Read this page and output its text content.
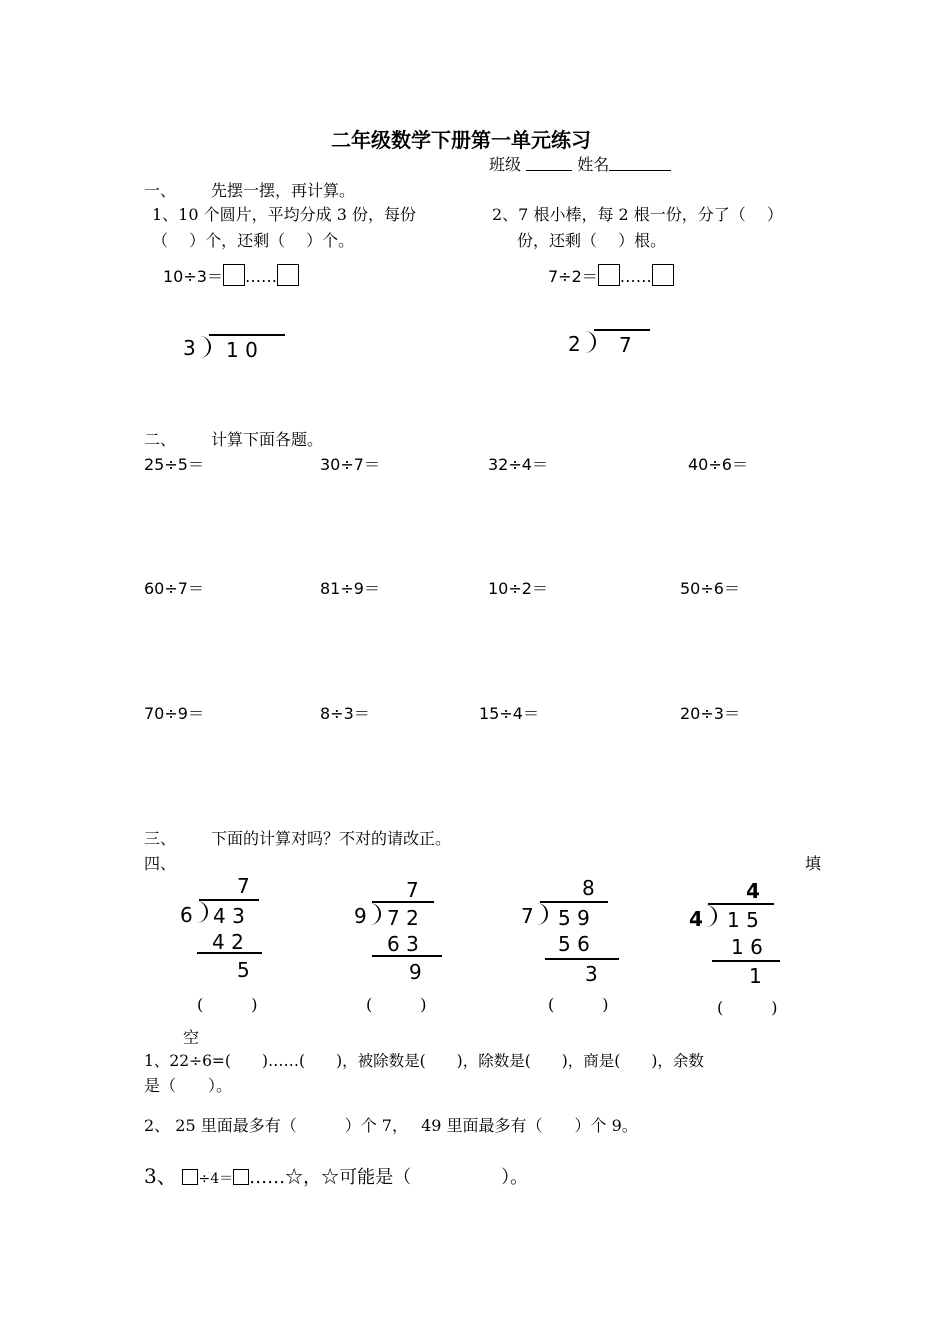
二年级数学下册第一单元练习
班级	姓名
一、 先摆一摆，再计算。
1、10 个圆片，平均分成 3 份，每份
（　 ）个，还剩（　 ）个。
2、7 根小棒，每 2 根一份，分了（　 ）
份，还剩（　 ）根。
10÷3＝ ……	7÷2＝ ……
3 1 0	2 7
二、 计算下面各题。
25÷5＝	30÷7＝	32÷4＝	40÷6＝
60÷7＝	81÷9＝	10÷2＝	50÷6＝
70÷9＝	8÷3＝	15÷4＝	20÷3＝
三、 下面的计算对吗？不对的请改正。
四、	填
7
6 4 3
4 2
5
(　　　)
7
9 7 2
6 3
9
(　　　)
8
7 5 9
5 6
3
(　　　)
4
4 1 5
1 6
1
(　　　)
空
1、22÷6=(　　)……(　　)，被除数是(　　)，除数是(　　)，商是(　　)，余数
是（　　）。
2、 25 里面最多有（　　　）个 7，　 49 里面最多有（　　）个 9。
3、 ÷4＝ ……☆，☆可能是（　　　　　）。
